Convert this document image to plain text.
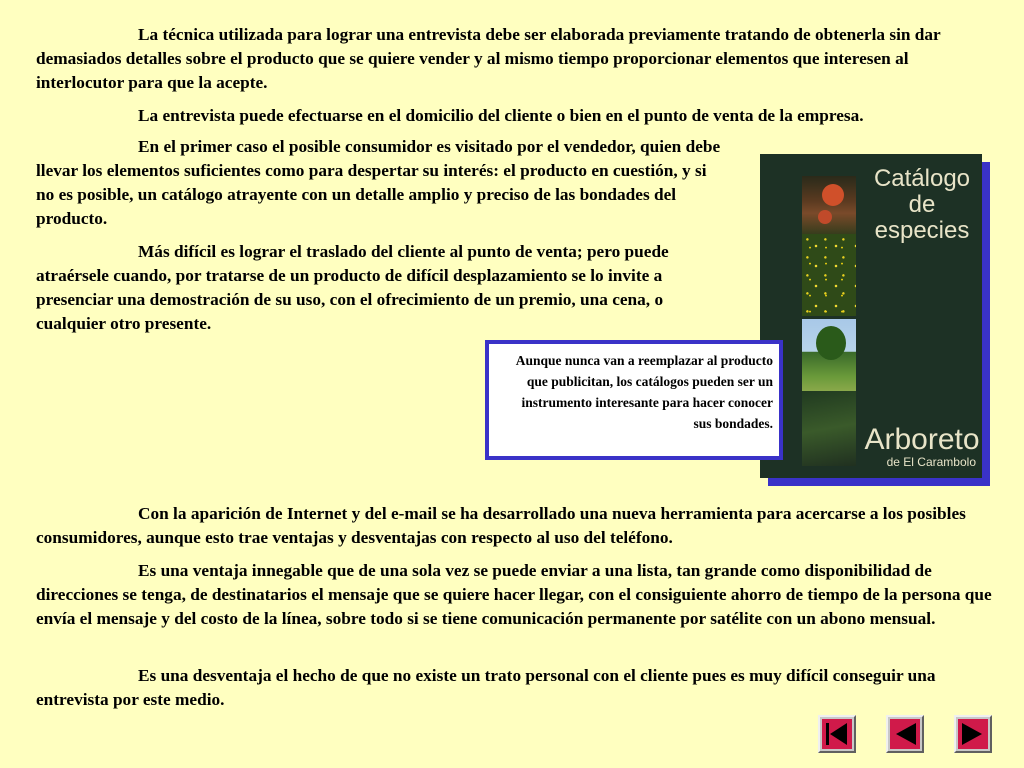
La técnica utilizada para lograr una entrevista debe ser elaborada previamente tratando de obtenerla sin dar demasiados detalles sobre el producto que se quiere vender y al mismo tiempo proporcionar elementos que interesen al interlocutor para que la acepte.

La entrevista puede efectuarse en el domicilio del cliente o bien en el punto de venta de la empresa.

En el primer caso el posible consumidor es visitado por el vendedor, quien debe llevar los elementos suficientes como para despertar su interés: el producto en cuestión, y si no es posible, un catálogo atrayente con un detalle amplio y preciso de las bondades del producto.

Más difícil es lograr el traslado del cliente al punto de venta; pero puede atraérsele cuando, por tratarse de un producto de difícil desplazamiento se lo invite a presenciar una demostración de su uso, con el ofrecimiento de un premio, una cena, o cualquier otro presente.

Catálogo
de especies
Arboreto
de El Carambolo
Aunque nunca van a reemplazar al producto que publicitan, los catálogos pueden ser un instrumento interesante para hacer conocer sus bondades.

Con la aparición de Internet y del e-mail se ha desarrollado una nueva herramienta para acercarse a los posibles consumidores, aunque esto trae ventajas y desventajas con respecto al uso del teléfono.

Es una ventaja innegable que de una sola vez se puede enviar a una lista, tan grande como disponibilidad de direcciones se tenga, de destinatarios el mensaje que se quiere hacer llegar, con el consiguiente ahorro de tiempo de la persona que envía el mensaje y del costo de la línea, sobre todo si se tiene comunicación permanente por satélite con un abono mensual.

Es una desventaja el hecho de que no existe un trato personal con el cliente pues es muy difícil conseguir una entrevista por este medio.
